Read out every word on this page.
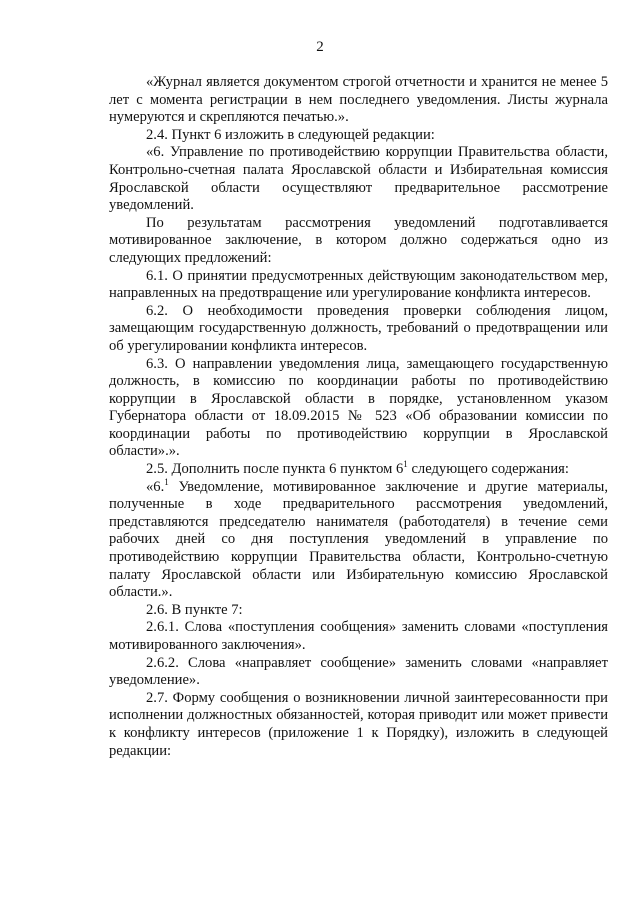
2

«Журнал является документом строгой отчетности и хранится не менее 5 лет с момента регистрации в нем последнего уведомления. Листы журнала нумеруются и скрепляются печатью.».

2.4. Пункт 6 изложить в следующей редакции:

«6. Управление по противодействию коррупции Правительства области, Контрольно-счетная палата Ярославской области и Избирательная комиссия Ярославской области осуществляют предварительное рассмотрение уведомлений.

По результатам рассмотрения уведомлений подготавливается мотивированное заключение, в котором должно содержаться одно из следующих предложений:

6.1. О принятии предусмотренных действующим законодательством мер, направленных на предотвращение или урегулирование конфликта интересов.

6.2. О необходимости проведения проверки соблюдения лицом, замещающим государственную должность, требований о предотвращении или об урегулировании конфликта интересов.

6.3. О направлении уведомления лица, замещающего государственную должность, в комиссию по координации работы по противодействию коррупции в Ярославской области в порядке, установленном указом Губернатора области от 18.09.2015 № 523 «Об образовании комиссии по координации работы по противодействию коррупции в Ярославской области».».

2.5. Дополнить после пункта 6 пунктом $6^1$ следующего содержания:

«6.$^1$ Уведомление, мотивированное заключение и другие материалы, полученные в ходе предварительного рассмотрения уведомлений, представляются председателю нанимателя (работодателя) в течение семи рабочих дней со дня поступления уведомлений в управление по противодействию коррупции Правительства области, Контрольно-счетную палату Ярославской области или Избирательную комиссию Ярославской области.».

2.6. В пункте 7:

2.6.1. Слова «поступления сообщения» заменить словами «поступления мотивированного заключения».

2.6.2. Слова «направляет сообщение» заменить словами «направляет уведомление».

2.7. Форму сообщения о возникновении личной заинтересованности при исполнении должностных обязанностей, которая приводит или может привести к конфликту интересов (приложение 1 к Порядку), изложить в следующей редакции:
